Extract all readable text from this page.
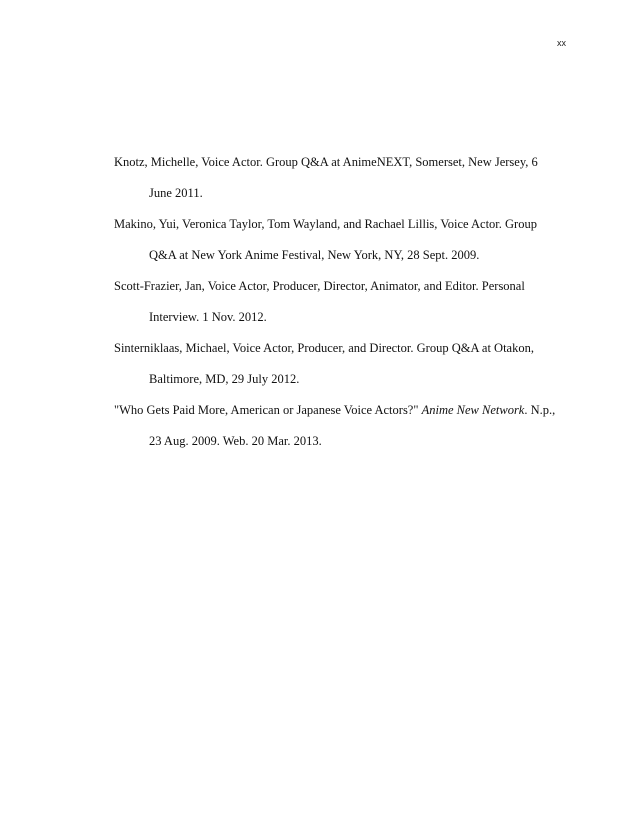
xx

Knotz, Michelle, Voice Actor. Group Q&A at AnimeNEXT, Somerset, New Jersey, 6
June 2011.

Makino, Yui, Veronica Taylor, Tom Wayland, and Rachael Lillis, Voice Actor. Group
Q&A at New York Anime Festival, New York, NY, 28 Sept. 2009.

Scott-Frazier, Jan, Voice Actor, Producer, Director, Animator, and Editor. Personal
Interview. 1 Nov. 2012.

Sinterniklaas, Michael, Voice Actor, Producer, and Director. Group Q&A at Otakon,
Baltimore, MD, 29 July 2012.

"Who Gets Paid More, American or Japanese Voice Actors?" Anime New Network. N.p.,
23 Aug. 2009. Web. 20 Mar. 2013.
